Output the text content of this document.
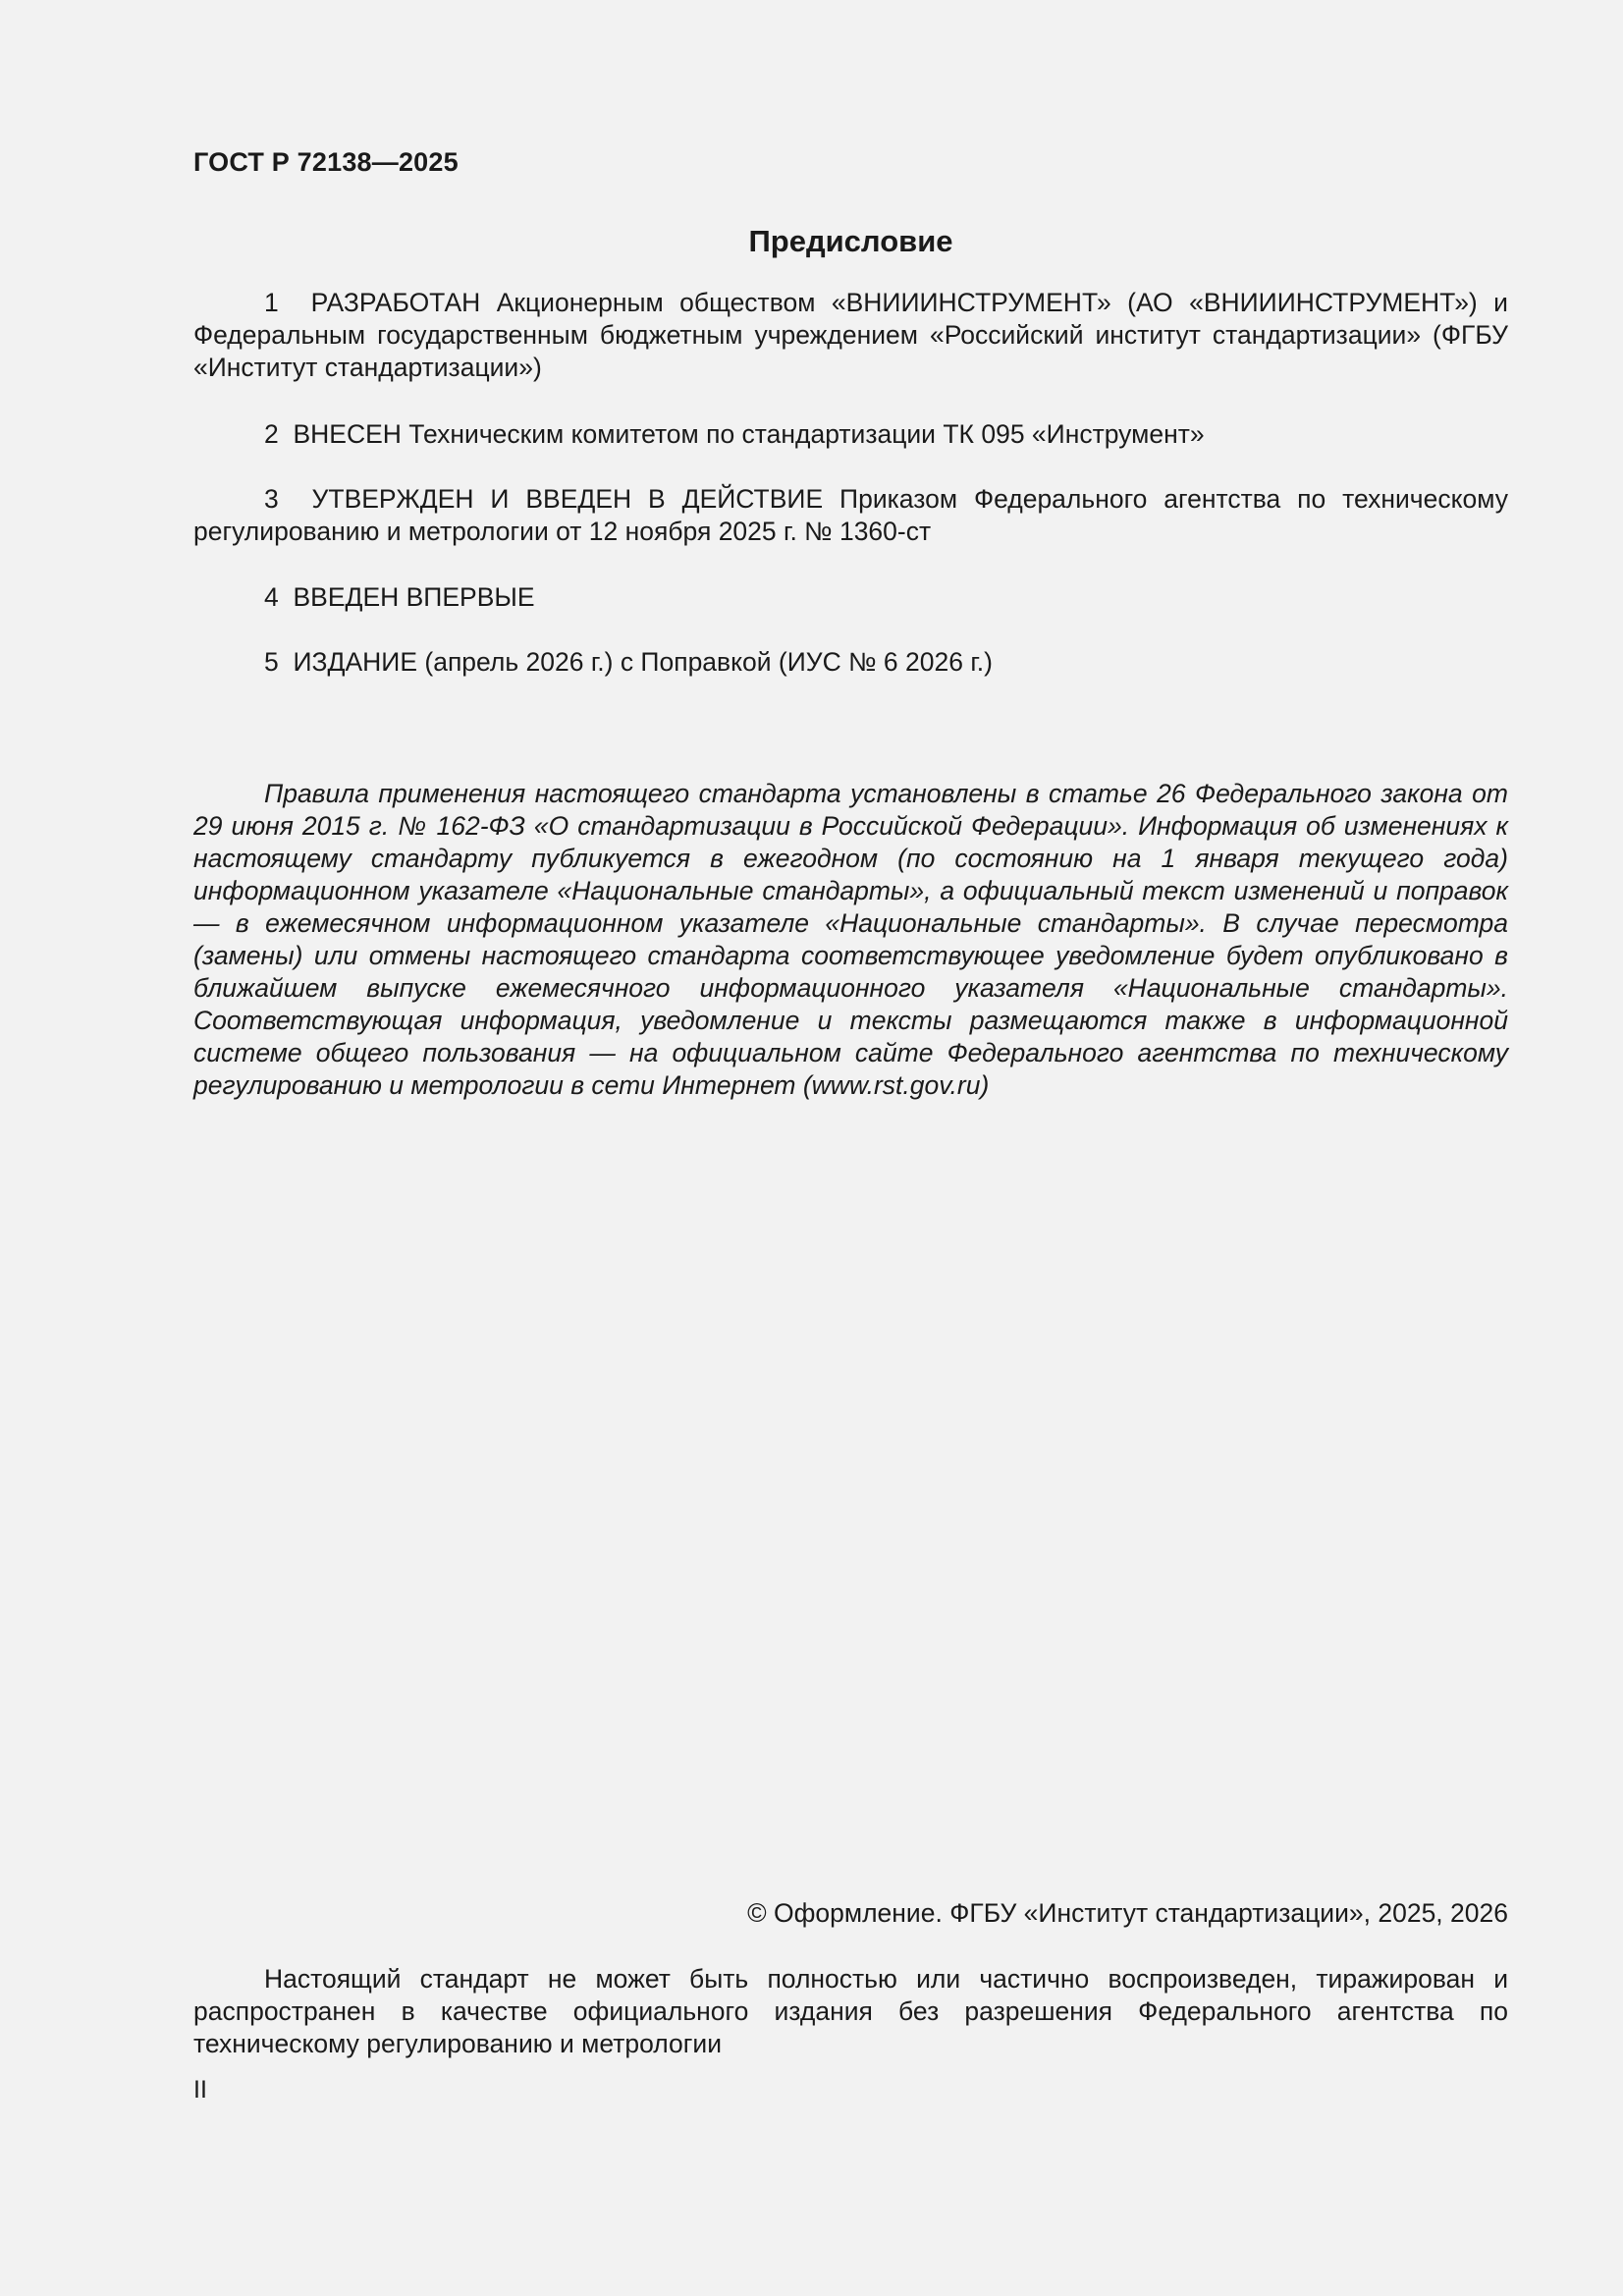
ГОСТ Р 72138—2025
Предисловие

1 РАЗРАБОТАН Акционерным обществом «ВНИИИНСТРУМЕНТ» (АО «ВНИИИНСТРУМЕНТ») и Федеральным государственным бюджетным учреждением «Российский институт стандартизации» (ФГБУ «Институт стандартизации»)

2 ВНЕСЕН Техническим комитетом по стандартизации ТК 095 «Инструмент»

3 УТВЕРЖДЕН И ВВЕДЕН В ДЕЙСТВИЕ Приказом Федерального агентства по техническому регулированию и метрологии от 12 ноября 2025 г. № 1360-ст

4 ВВЕДЕН ВПЕРВЫЕ

5 ИЗДАНИЕ (апрель 2026 г.) с Поправкой (ИУС № 6 2026 г.)

Правила применения настоящего стандарта установлены в статье 26 Федерального закона от 29 июня 2015 г. № 162-ФЗ «О стандартизации в Российской Федерации». Информация об изменениях к настоящему стандарту публикуется в ежегодном (по состоянию на 1 января текущего года) информационном указателе «Национальные стандарты», а официальный текст изменений и поправок — в ежемесячном информационном указателе «Национальные стандарты». В случае пересмотра (замены) или отмены настоящего стандарта соответствующее уведомление будет опубликовано в ближайшем выпуске ежемесячного информационного указателя «Национальные стандарты». Соответствующая информация, уведомление и тексты размещаются также в информационной системе общего пользования — на официальном сайте Федерального агентства по техническому регулированию и метрологии в сети Интернет (www.rst.gov.ru)

© Оформление. ФГБУ «Институт стандартизации», 2025, 2026

Настоящий стандарт не может быть полностью или частично воспроизведен, тиражирован и распространен в качестве официального издания без разрешения Федерального агентства по техническому регулированию и метрологии

II
